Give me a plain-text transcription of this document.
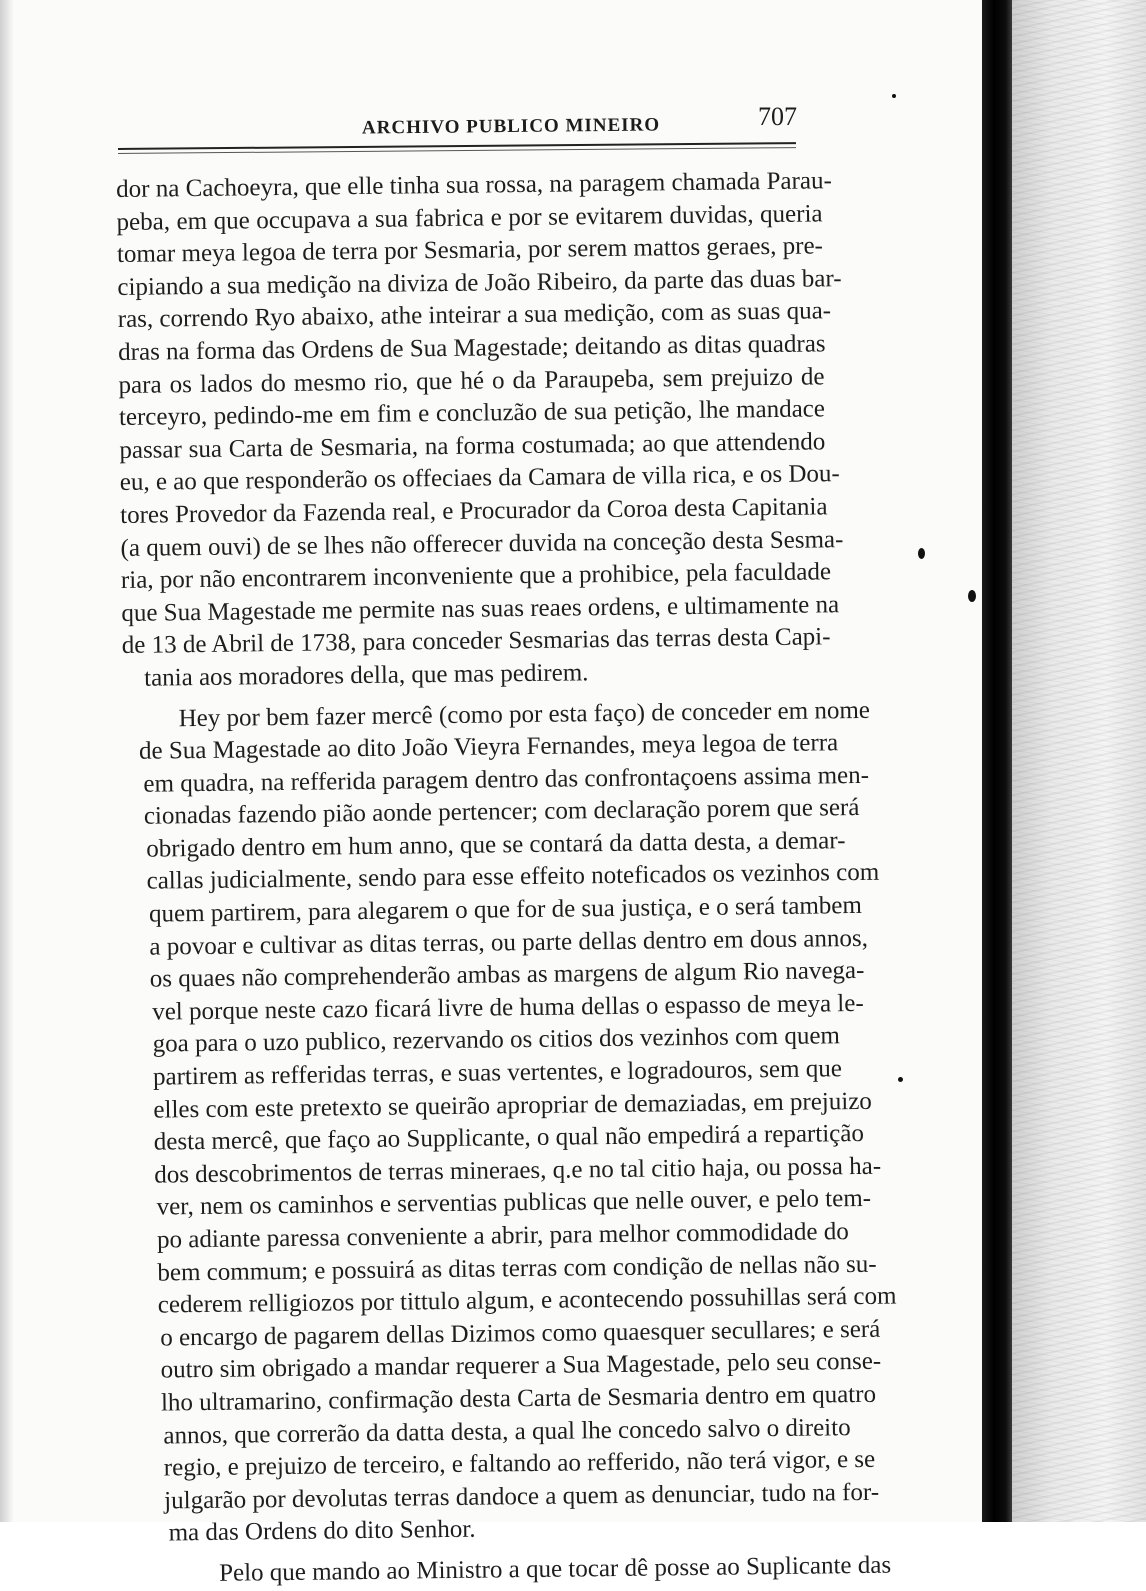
ARCHIVO PUBLICO MINEIRO	707

dor na Cachoeyra, que elle tinha sua rossa, na paragem chamada Parau-
peba, em que occupava a sua fabrica e por se evitarem duvidas, queria
tomar meya legoa de terra por Sesmaria, por serem mattos geraes, pre-
cipiando a sua medição na diviza de João Ribeiro, da parte das duas bar-
ras, correndo Ryo abaixo, athe inteirar a sua medição, com as suas qua-
dras na forma das Ordens de Sua Magestade; deitando as ditas quadras
para os lados do mesmo rio, que hé o da Paraupeba, sem prejuizo de
terceyro, pedindo-me em fim e concluzão de sua petição, lhe mandace
passar sua Carta de Sesmaria, na forma costumada; ao que attendendo
eu, e ao que responderão os offeciaes da Camara de villa rica, e os Dou-
tores Provedor da Fazenda real, e Procurador da Coroa desta Capitania
(a quem ouvi) de se lhes não offerecer duvida na conceção desta Sesma-
ria, por não encontrarem inconveniente que a prohibice, pela faculdade
que Sua Magestade me permite nas suas reaes ordens, e ultimamente na
de 13 de Abril de 1738, para conceder Sesmarias das terras desta Capi-
tania aos moradores della, que mas pedirem.

Hey por bem fazer mercê (como por esta faço) de conceder em nome
de Sua Magestade ao dito João Vieyra Fernandes, meya legoa de terra
em quadra, na refferida paragem dentro das confrontaçoens assima men-
cionadas fazendo pião aonde pertencer; com declaração porem que será
obrigado dentro em hum anno, que se contará da datta desta, a demar-
callas judicialmente, sendo para esse effeito noteficados os vezinhos com
quem partirem, para alegarem o que for de sua justiça, e o será tambem
a povoar e cultivar as ditas terras, ou parte dellas dentro em dous annos,
os quaes não comprehenderão ambas as margens de algum Rio navega-
vel porque neste cazo ficará livre de huma dellas o espasso de meya le-
goa para o uzo publico, rezervando os citios dos vezinhos com quem
partirem as refferidas terras, e suas vertentes, e logradouros, sem que
elles com este pretexto se queirão apropriar de demaziadas, em prejuizo
desta mercê, que faço ao Supplicante, o qual não empedirá a repartição
dos descobrimentos de terras mineraes, q.e no tal citio haja, ou possa ha-
ver, nem os caminhos e serventias publicas que nelle ouver, e pelo tem-
po adiante paressa conveniente a abrir, para melhor commodidade do
bem commum; e possuirá as ditas terras com condição de nellas não su-
cederem relligiozos por tittulo algum, e acontecendo possuhillas será com
o encargo de pagarem dellas Dizimos como quaesquer secullares; e será
outro sim obrigado a mandar requerer a Sua Magestade, pelo seu conse-
lho ultramarino, confirmação desta Carta de Sesmaria dentro em quatro
annos, que correrão da datta desta, a qual lhe concedo salvo o direito
regio, e prejuizo de terceiro, e faltando ao refferido, não terá vigor, e se
julgarão por devolutas terras dandoce a quem as denunciar, tudo na for-
ma das Ordens do dito Senhor.

Pelo que mando ao Ministro a que tocar dê posse ao Suplicante das
